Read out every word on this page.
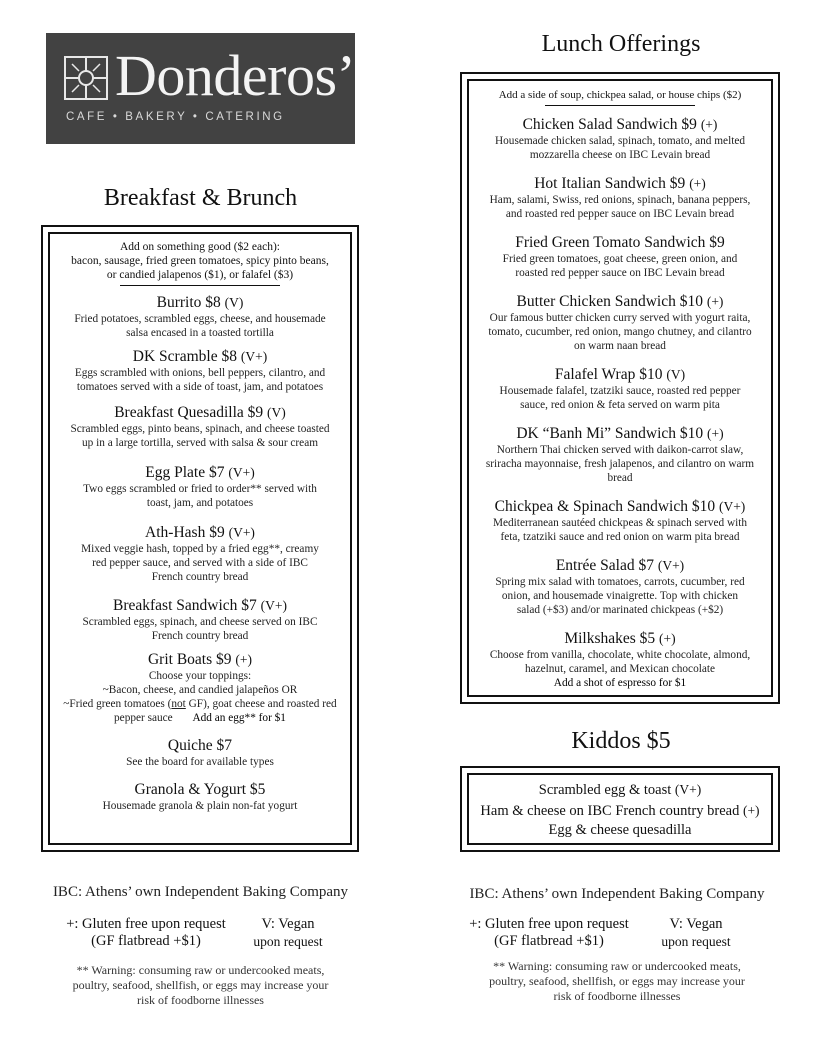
Donderos’
CAFE • BAKERY • CATERING
Breakfast & Brunch
Add on something good ($2 each):
bacon, sausage, fried green tomatoes, spicy pinto beans,
or candied jalapenos ($1), or falafel ($3)
Burrito $8 (V)
Fried potatoes, scrambled eggs, cheese, and housemade
salsa encased in a toasted tortilla
DK Scramble $8 (V+)
Eggs scrambled with onions, bell peppers, cilantro, and
tomatoes served with a side of toast, jam, and potatoes
Breakfast Quesadilla $9 (V)
Scrambled eggs, pinto beans, spinach, and cheese toasted
up in a large tortilla, served with salsa & sour cream
Egg Plate $7 (V+)
Two eggs scrambled or fried to order** served with
toast, jam, and potatoes
Ath-Hash $9 (V+)
Mixed veggie hash, topped by a fried egg**, creamy
red pepper sauce, and served with a side of IBC
French country bread
Breakfast Sandwich $7 (V+)
Scrambled eggs, spinach, and cheese served on IBC
French country bread
Grit Boats $9 (+)
Choose your toppings:
~Bacon, cheese, and candied jalapeños OR
~Fried green tomatoes (not GF), goat cheese and roasted red
pepper sauce Add an egg** for $1
Quiche $7
See the board for available types
Granola & Yogurt $5
Housemade granola & plain non-fat yogurt
Lunch Offerings
Add a side of soup, chickpea salad, or house chips ($2)
Chicken Salad Sandwich $9 (+)
Housemade chicken salad, spinach, tomato, and melted
mozzarella cheese on IBC Levain bread
Hot Italian Sandwich $9 (+)
Ham, salami, Swiss, red onions, spinach, banana peppers,
and roasted red pepper sauce on IBC Levain bread
Fried Green Tomato Sandwich $9
Fried green tomatoes, goat cheese, green onion, and
roasted red pepper sauce on IBC Levain bread
Butter Chicken Sandwich $10 (+)
Our famous butter chicken curry served with yogurt raita,
tomato, cucumber, red onion, mango chutney, and cilantro
on warm naan bread
Falafel Wrap $10 (V)
Housemade falafel, tzatziki sauce, roasted red pepper
sauce, red onion & feta served on warm pita
DK “Banh Mi” Sandwich $10 (+)
Northern Thai chicken served with daikon-carrot slaw,
sriracha mayonnaise, fresh jalapenos, and cilantro on warm
bread
Chickpea & Spinach Sandwich $10 (V+)
Mediterranean sautéed chickpeas & spinach served with
feta, tzatziki sauce and red onion on warm pita bread
Entrée Salad $7 (V+)
Spring mix salad with tomatoes, carrots, cucumber, red
onion, and housemade vinaigrette. Top with chicken
salad (+$3) and/or marinated chickpeas (+$2)
Milkshakes $5 (+)
Choose from vanilla, chocolate, white chocolate, almond,
hazelnut, caramel, and Mexican chocolate
Add a shot of espresso for $1
Kiddos $5
Scrambled egg & toast (V+)
Ham & cheese on IBC French country bread (+)
Egg & cheese quesadilla
IBC: Athens’ own Independent Baking Company
+: Gluten free upon request
(GF flatbread +$1)
V: Vegan
upon request
** Warning: consuming raw or undercooked meats,
poultry, seafood, shellfish, or eggs may increase your
risk of foodborne illnesses
IBC: Athens’ own Independent Baking Company
+: Gluten free upon request
(GF flatbread +$1)
V: Vegan
upon request
** Warning: consuming raw or undercooked meats,
poultry, seafood, shellfish, or eggs may increase your
risk of foodborne illnesses
